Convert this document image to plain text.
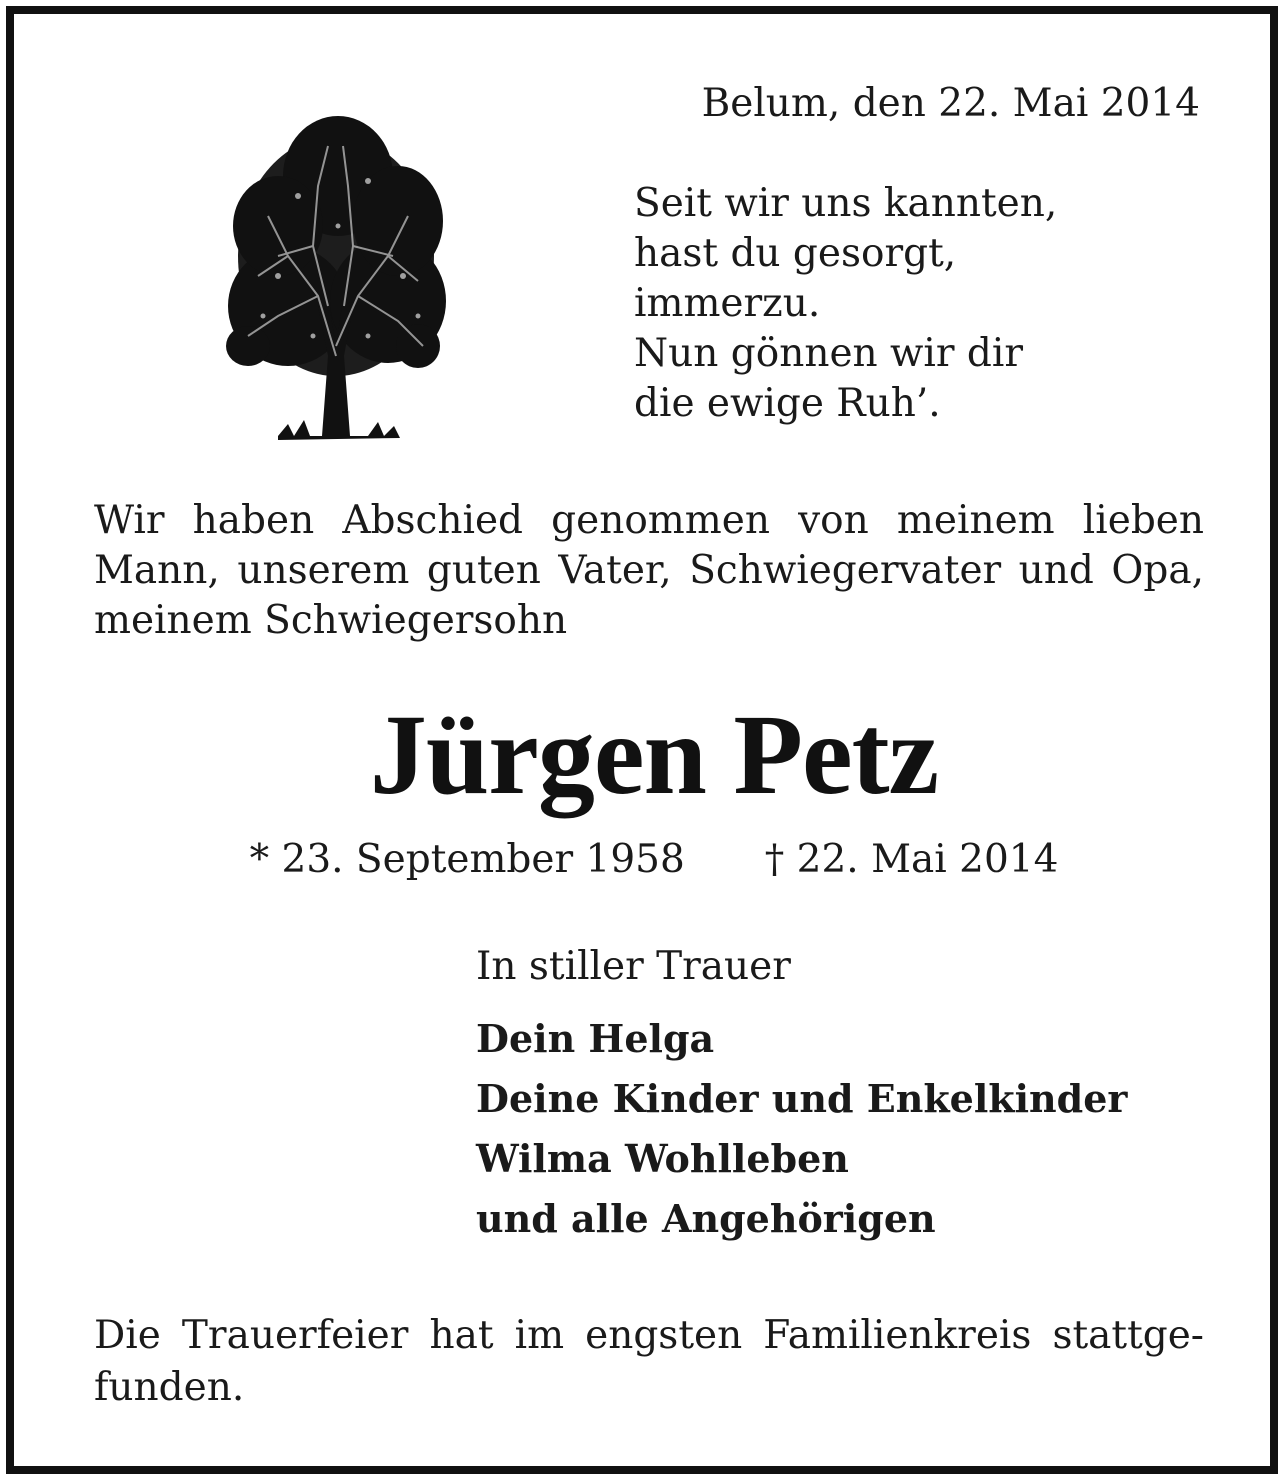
Belum, den 22. Mai 2014
Seit wir uns kannten,
hast du gesorgt,
immerzu.
Nun gönnen wir dir
die ewige Ruh’.
Wir haben Abschied genommen von meinem lieben
Mann, unserem guten Vater, Schwiegervater und Opa,
meinem Schwiegersohn
Jürgen Petz
* 23. September 1958 † 22. Mai 2014
In stiller Trauer
Dein Helga
Deine Kinder und Enkelkinder
Wilma Wohlleben
und alle Angehörigen
Die Trauerfeier hat im engsten Familienkreis stattge-
funden.
